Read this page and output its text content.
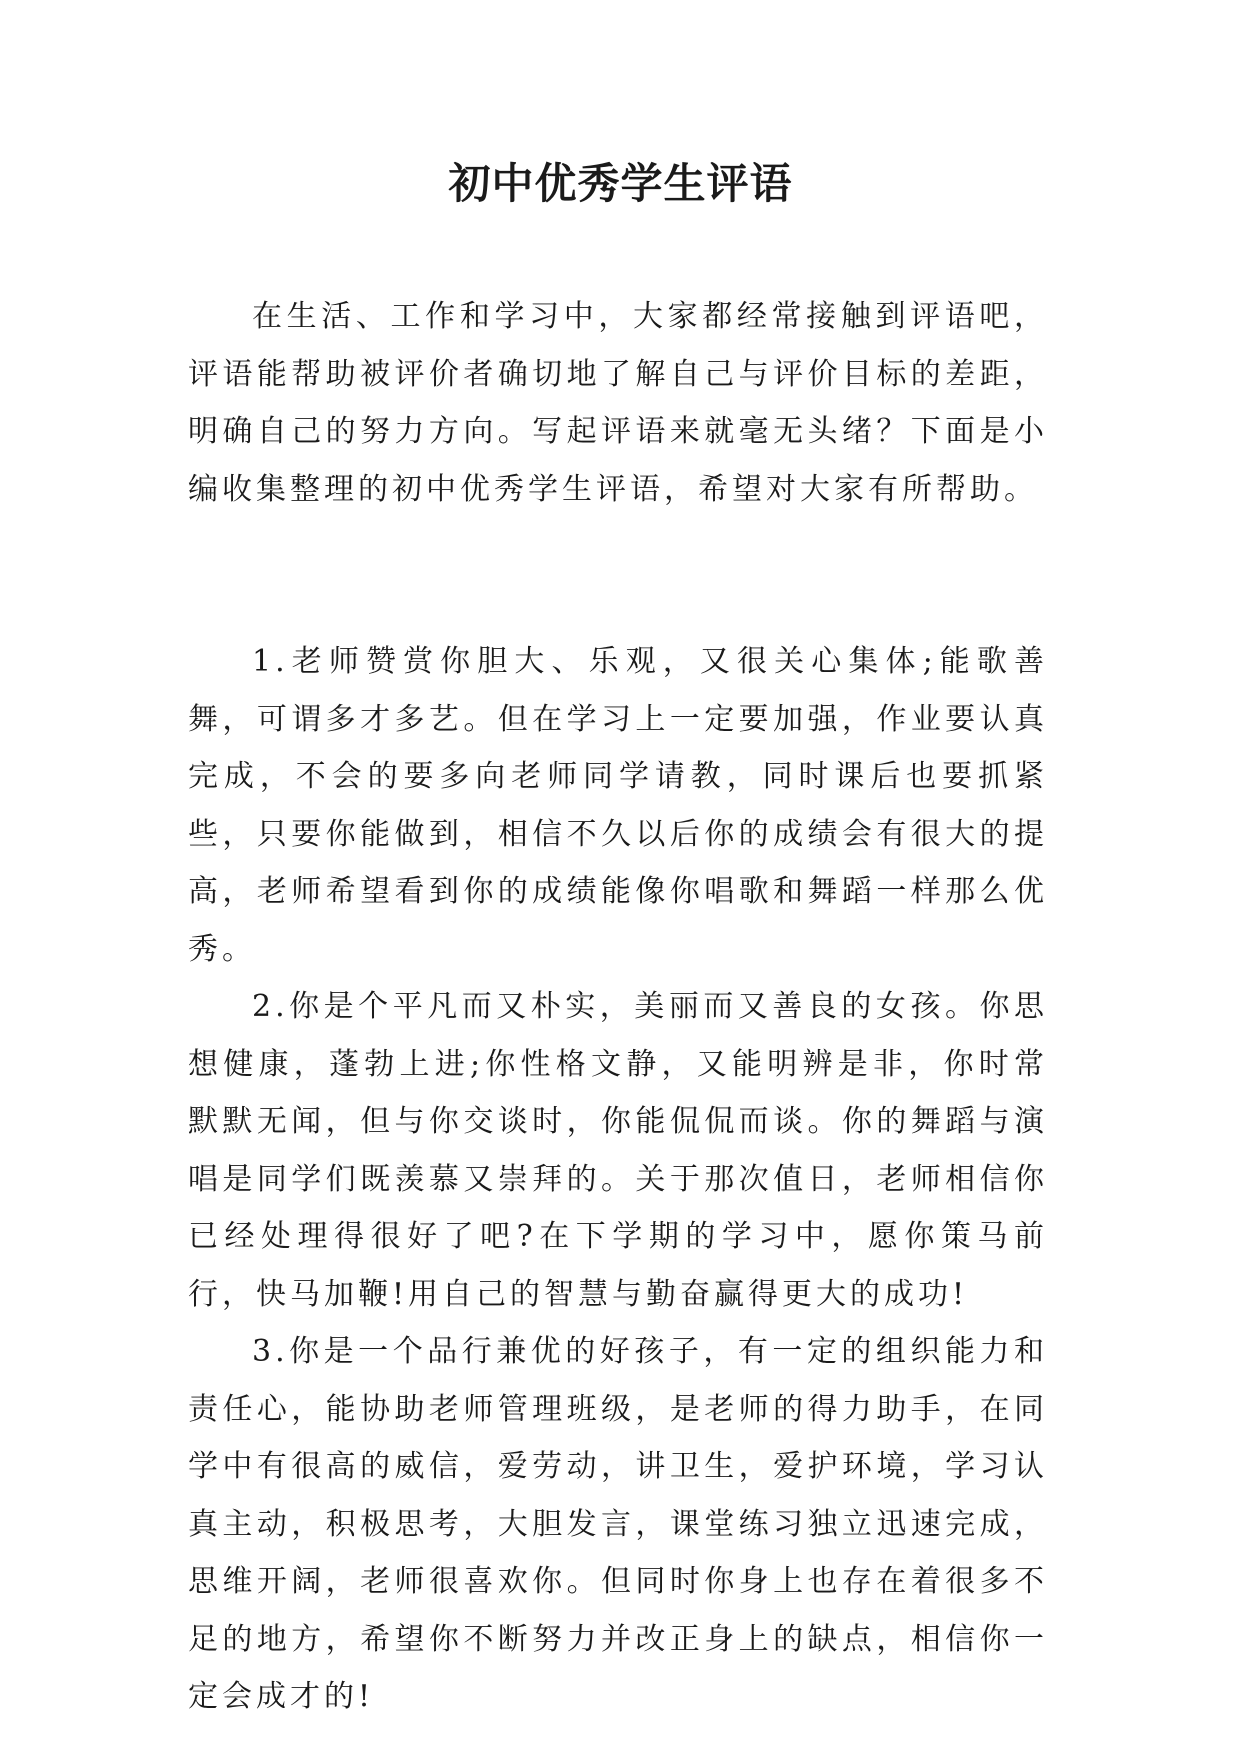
初中优秀学生评语

在生活、工作和学习中，大家都经常接触到评语吧，评语能帮助被评价者确切地了解自己与评价目标的差距，明确自己的努力方向。写起评语来就毫无头绪？下面是小编收集整理的初中优秀学生评语，希望对大家有所帮助。

1.老师赞赏你胆大、乐观，又很关心集体;能歌善舞，可谓多才多艺。但在学习上一定要加强，作业要认真完成，不会的要多向老师同学请教，同时课后也要抓紧些，只要你能做到，相信不久以后你的成绩会有很大的提高，老师希望看到你的成绩能像你唱歌和舞蹈一样那么优秀。

2.你是个平凡而又朴实，美丽而又善良的女孩。你思想健康，蓬勃上进;你性格文静，又能明辨是非，你时常默默无闻，但与你交谈时，你能侃侃而谈。你的舞蹈与演唱是同学们既羡慕又崇拜的。关于那次值日，老师相信你已经处理得很好了吧?在下学期的学习中，愿你策马前行，快马加鞭!用自己的智慧与勤奋赢得更大的成功!

3.你是一个品行兼优的好孩子，有一定的组织能力和责任心，能协助老师管理班级，是老师的得力助手，在同学中有很高的威信，爱劳动，讲卫生，爱护环境，学习认真主动，积极思考，大胆发言，课堂练习独立迅速完成，思维开阔，老师很喜欢你。但同时你身上也存在着很多不足的地方，希望你不断努力并改正身上的缺点，相信你一定会成才的!
